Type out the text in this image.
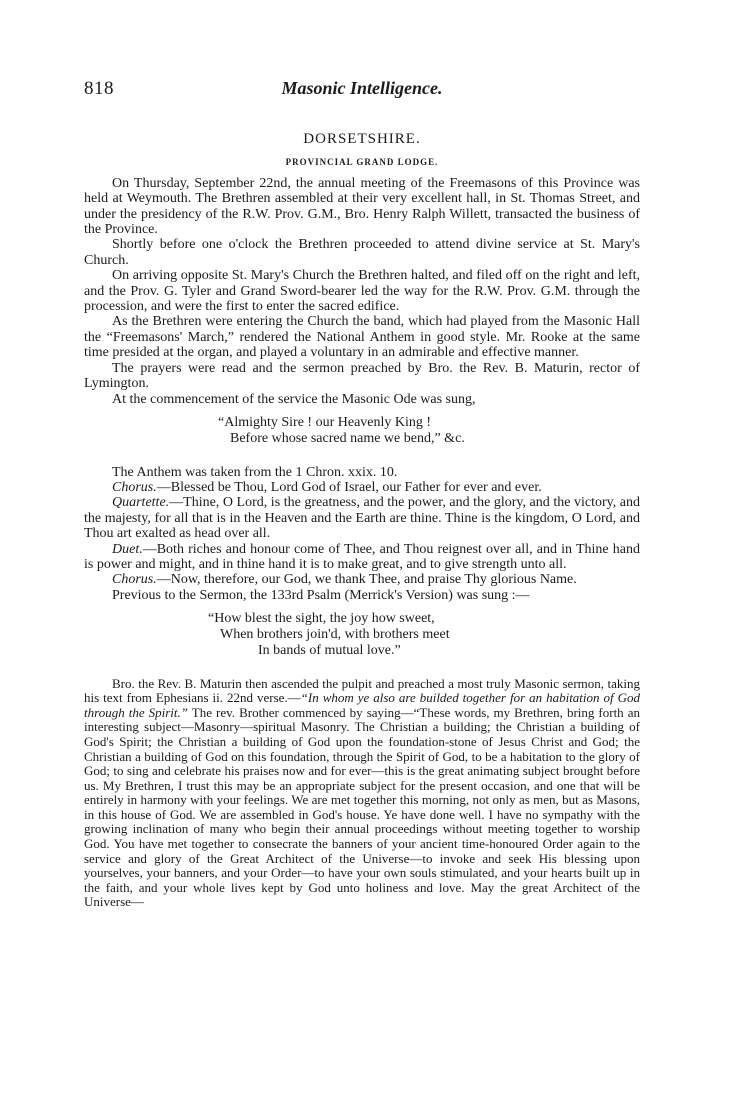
818	Masonic Intelligence.
DORSETSHIRE.
PROVINCIAL GRAND LODGE.

On Thursday, September 22nd, the annual meeting of the Freemasons of this Province was held at Weymouth. The Brethren assembled at their very excellent hall, in St. Thomas Street, and under the presidency of the R.W. Prov. G.M., Bro. Henry Ralph Willett, transacted the business of the Province.

Shortly before one o'clock the Brethren proceeded to attend divine service at St. Mary's Church.

On arriving opposite St. Mary's Church the Brethren halted, and filed off on the right and left, and the Prov. G. Tyler and Grand Sword-bearer led the way for the R.W. Prov. G.M. through the procession, and were the first to enter the sacred edifice.

As the Brethren were entering the Church the band, which had played from the Masonic Hall the “Freemasons' March,” rendered the National Anthem in good style. Mr. Rooke at the same time presided at the organ, and played a voluntary in an admirable and effective manner.

The prayers were read and the sermon preached by Bro. the Rev. B. Maturin, rector of Lymington.

At the commencement of the service the Masonic Ode was sung,

“Almighty Sire ! our Heavenly King !
Before whose sacred name we bend,” &c.

The Anthem was taken from the 1 Chron. xxix. 10.

Chorus.—Blessed be Thou, Lord God of Israel, our Father for ever and ever.

Quartette.—Thine, O Lord, is the greatness, and the power, and the glory, and the victory, and the majesty, for all that is in the Heaven and the Earth are thine. Thine is the kingdom, O Lord, and Thou art exalted as head over all.

Duet.—Both riches and honour come of Thee, and Thou reignest over all, and in Thine hand is power and might, and in thine hand it is to make great, and to give strength unto all.

Chorus.—Now, therefore, our God, we thank Thee, and praise Thy glorious Name.

Previous to the Sermon, the 133rd Psalm (Merrick's Version) was sung :—

“How blest the sight, the joy how sweet,
When brothers join'd, with brothers meet
In bands of mutual love.”

Bro. the Rev. B. Maturin then ascended the pulpit and preached a most truly Masonic sermon, taking his text from Ephesians ii. 22nd verse.—“In whom ye also are builded together for an habitation of God through the Spirit.” The rev. Brother commenced by saying—“These words, my Brethren, bring forth an interesting subject—Masonry—spiritual Masonry. The Christian a building; the Christian a building of God's Spirit; the Christian a building of God upon the foundation-stone of Jesus Christ and God; the Christian a building of God on this foundation, through the Spirit of God, to be a habitation to the glory of God; to sing and celebrate his praises now and for ever—this is the great animating subject brought before us. My Brethren, I trust this may be an appropriate subject for the present occasion, and one that will be entirely in harmony with your feelings. We are met together this morning, not only as men, but as Masons, in this house of God. We are assembled in God's house. Ye have done well. I have no sympathy with the growing inclination of many who begin their annual proceedings without meeting together to worship God. You have met together to consecrate the banners of your ancient time-honoured Order again to the service and glory of the Great Architect of the Universe—to invoke and seek His blessing upon yourselves, your banners, and your Order—to have your own souls stimulated, and your hearts built up in the faith, and your whole lives kept by God unto holiness and love. May the great Architect of the Universe—
